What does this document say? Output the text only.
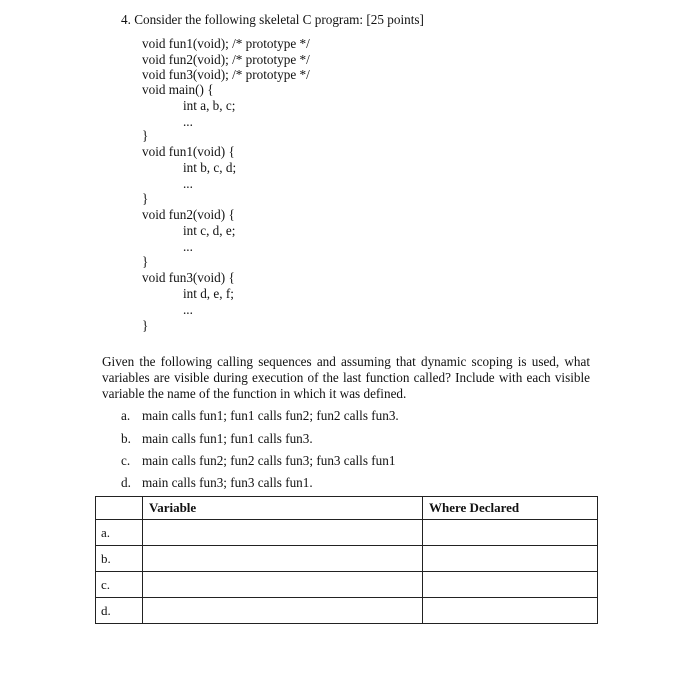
4. Consider the following skeletal C program: [25 points]
void fun1(void); /* prototype */
void fun2(void); /* prototype */
void fun3(void); /* prototype */
void main() {
int a, b, c;
...
}
void fun1(void) {
int b, c, d;
...
}
void fun2(void) {
int c, d, e;
...
}
void fun3(void) {
int d, e, f;
...
}
Given the following calling sequences and assuming that dynamic scoping is used, what variables are visible during execution of the last function called? Include with each visible variable the name of the function in which it was defined.
a. main calls fun1; fun1 calls fun2; fun2 calls fun3.
b. main calls fun1; fun1 calls fun3.
c. main calls fun2; fun2 calls fun3; fun3 calls fun1
d. main calls fun3; fun3 calls fun1.
	Variable	Where Declared
a.		
b.		
c.		
d.		
